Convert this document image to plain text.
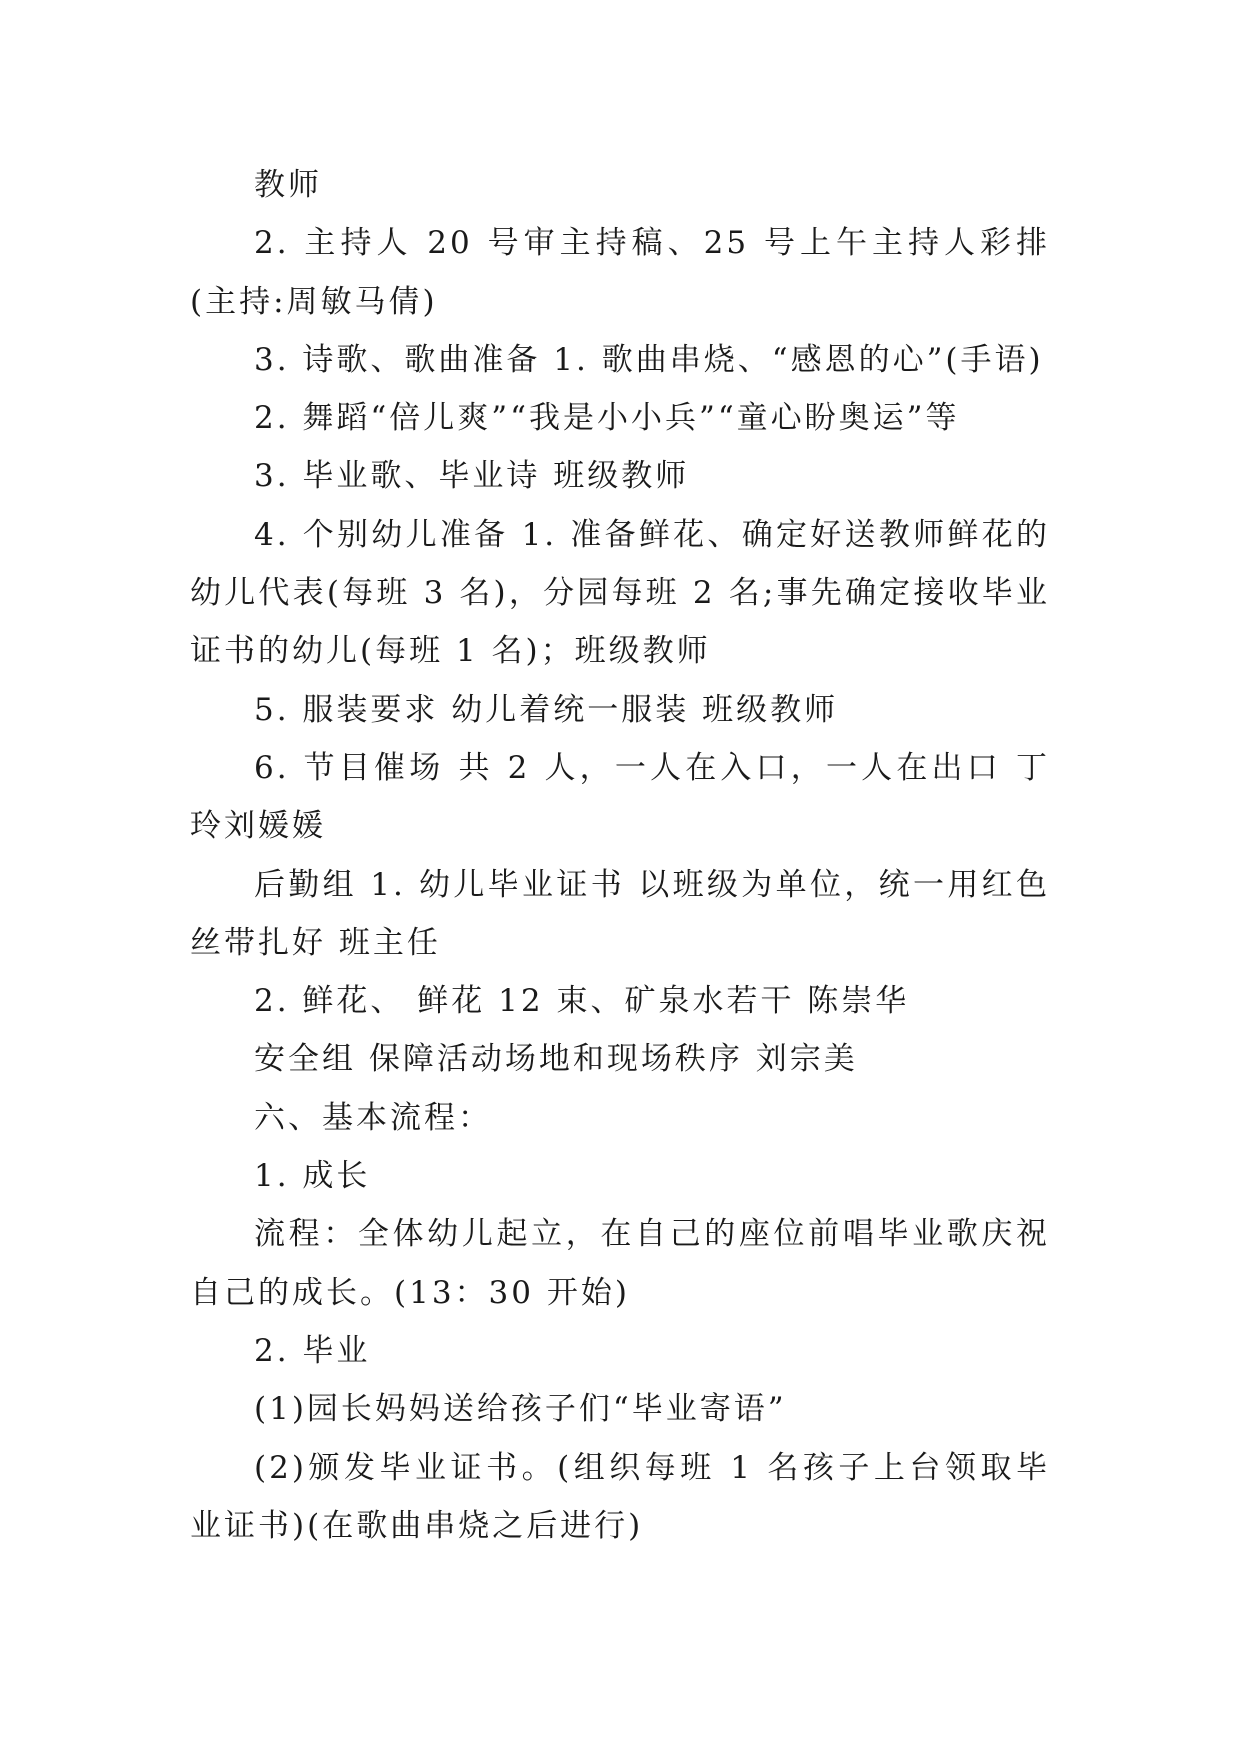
教师

2. 主持人 20 号审主持稿、25 号上午主持人彩排(主持:周敏马倩)

3. 诗歌、歌曲准备 1. 歌曲串烧、“感恩的心”(手语)

2. 舞蹈“倍儿爽”“我是小小兵”“童心盼奥运”等

3. 毕业歌、毕业诗 班级教师

4. 个别幼儿准备 1. 准备鲜花、确定好送教师鲜花的幼儿代表(每班 3 名)，分园每班 2 名;事先确定接收毕业证书的幼儿(每班 1 名)；班级教师

5. 服装要求 幼儿着统一服装 班级教师

6. 节目催场 共 2 人，一人在入口，一人在出口 丁玲刘媛媛

后勤组 1. 幼儿毕业证书 以班级为单位，统一用红色丝带扎好 班主任

2. 鲜花、 鲜花 12 束、矿泉水若干 陈崇华

安全组 保障活动场地和现场秩序 刘宗美

六、基本流程：

1. 成长

流程：全体幼儿起立，在自己的座位前唱毕业歌庆祝自己的成长。(13：30 开始)

2. 毕业

(1)园长妈妈送给孩子们“毕业寄语”

(2)颁发毕业证书。(组织每班 1 名孩子上台领取毕业证书)(在歌曲串烧之后进行)
